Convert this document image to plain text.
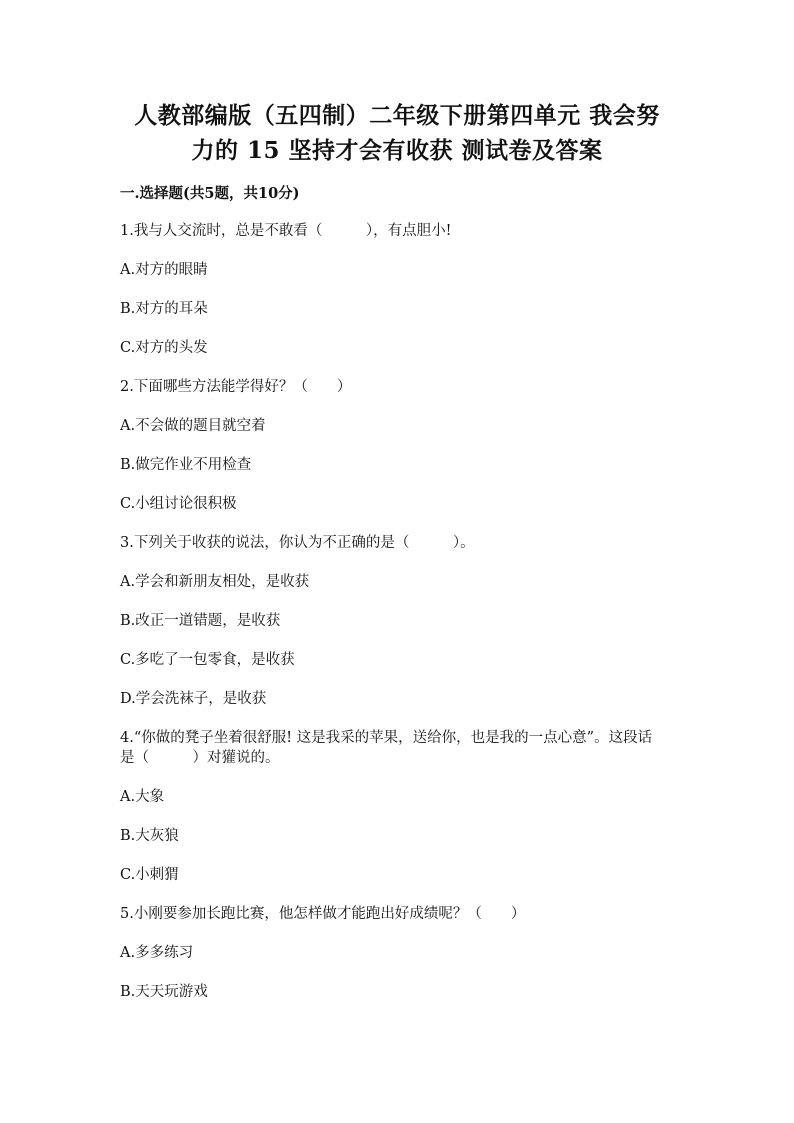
人教部编版（五四制）二年级下册第四单元 我会努
力的 15 坚持才会有收获 测试卷及答案
一.选择题(共5题，共10分)
1.我与人交流时，总是不敢看（　　　），有点胆小!
A.对方的眼睛
B.对方的耳朵
C.对方的头发
2.下面哪些方法能学得好？（　　）
A.不会做的题目就空着
B.做完作业不用检查
C.小组讨论很积极
3.下列关于收获的说法，你认为不正确的是（　　　）。
A.学会和新朋友相处，是收获
B.改正一道错题，是收获
C.多吃了一包零食，是收获
D.学会洗袜子，是收获
4.“你做的凳子坐着很舒服! 这是我采的苹果，送给你，也是我的一点心意”。这段话是（　　　）对獾说的。
A.大象
B.大灰狼
C.小刺猬
5.小刚要参加长跑比赛，他怎样做才能跑出好成绩呢？（　　）
A.多多练习
B.天天玩游戏
